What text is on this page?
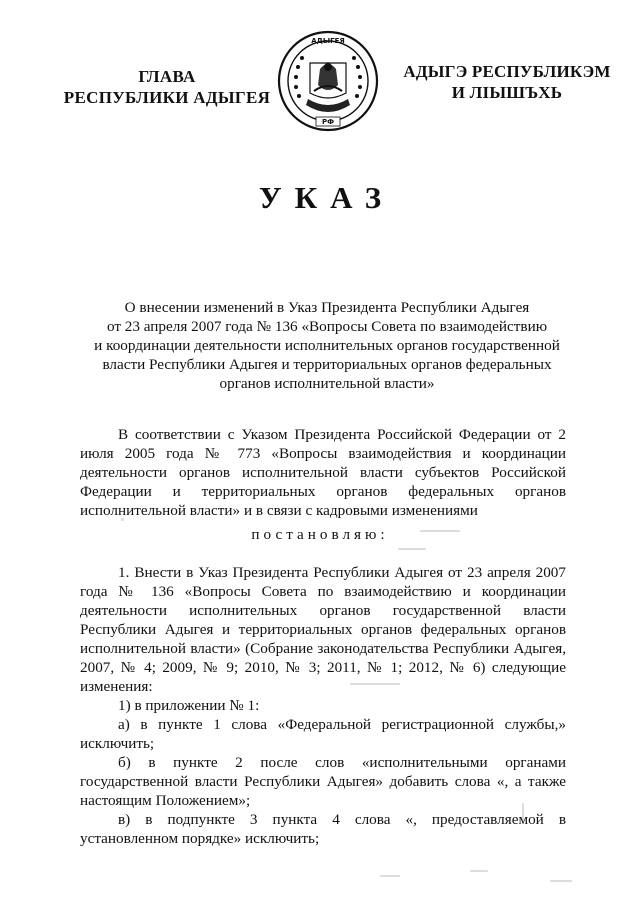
ГЛАВА
РЕСПУБЛИКИ АДЫГЕЯ
АДЫГЕЯ
РФ
АДЫГЭ РЕСПУБЛИКЭМ
И ЛІЫШЪХЬ
УКАЗ
О внесении изменений в Указ Президента Республики Адыгея
от 23 апреля 2007 года № 136 «Вопросы Совета по взаимодействию
и координации деятельности исполнительных органов государственной
власти Республики Адыгея и территориальных органов федеральных
органов исполнительной власти»

В соответствии с Указом Президента Российской Федерации от 2 июля 2005 года № 773 «Вопросы взаимодействия и координации деятельности органов исполнительной власти субъектов Российской Федерации и территориальных органов федеральных органов исполнительной власти» и в связи с кадровыми изменениями

постановляю:

1. Внести в Указ Президента Республики Адыгея от 23 апреля 2007 года № 136 «Вопросы Совета по взаимодействию и координации деятельности исполнительных органов государственной власти Республики Адыгея и территориальных органов федеральных органов исполнительной власти» (Собрание законодательства Республики Адыгея, 2007, № 4; 2009, № 9; 2010, № 3; 2011, № 1; 2012, № 6) следующие изменения:

1) в приложении № 1:

а) в пункте 1 слова «Федеральной регистрационной службы,» исключить;

б) в пункте 2 после слов «исполнительными органами государственной власти Республики Адыгея» добавить слова «, а также настоящим Положением»;

в) в подпункте 3 пункта 4 слова «, предоставляемой в установленном порядке» исключить;
